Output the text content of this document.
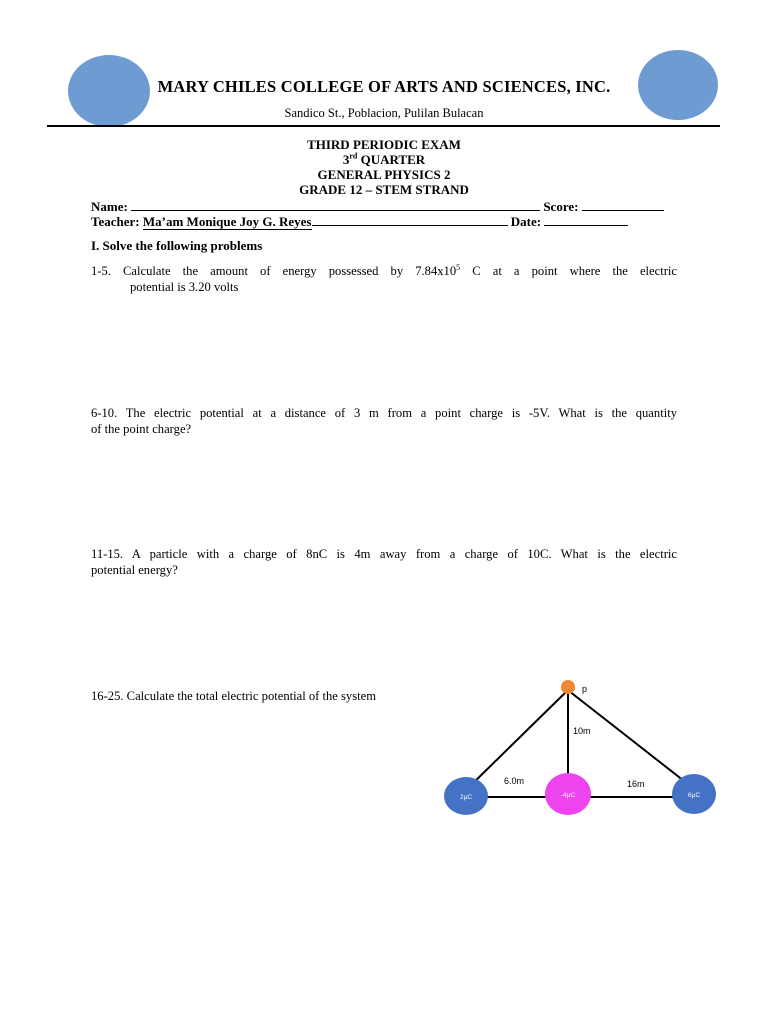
MARY CHILES COLLEGE OF ARTS AND SCIENCES, INC.
Sandico St., Poblacion, Pulilan Bulacan
THIRD PERIODIC EXAM
3rd QUARTER
GENERAL PHYSICS 2
GRADE 12 – STEM STRAND
Name:	Score:
Teacher: Ma’am Monique Joy G. Reyes	Date:
I. Solve the following problems
1-5. Calculate the amount of energy possessed by $7.84x10^5$ C at a point where the electric
potential is 3.20 volts
6-10. The electric potential at a distance of 3 m from a point charge is -5V. What is the quantity
of the point charge?
11-15. A particle with a charge of 8nC is 4m away from a charge of 10C. What is the electric
potential energy?
16-25. Calculate the total electric potential of the system	p
10m
6.0m	16m
2μC	-4μC	6μC
